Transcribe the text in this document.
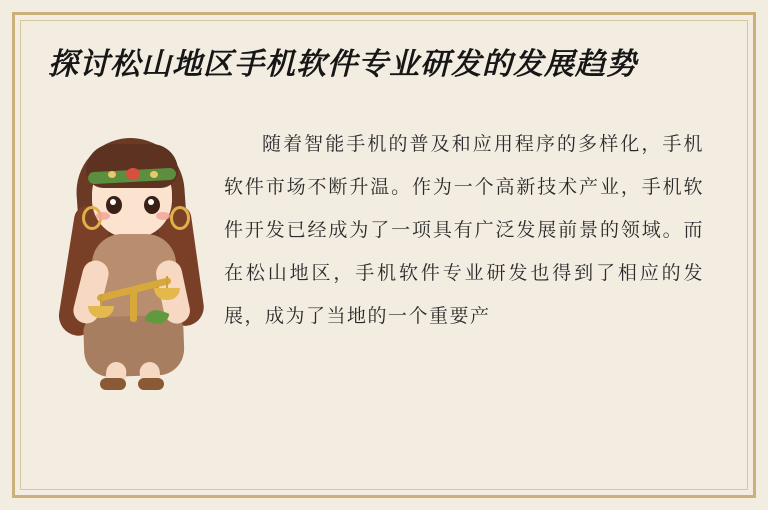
探讨松山地区手机软件专业研发的发展趋势

随着智能手机的普及和应用程序的多样化，手机软件市场不断升温。作为一个高新技术产业，手机软件开发已经成为了一项具有广泛发展前景的领域。而在松山地区，手机软件专业研发也得到了相应的发展，成为了当地的一个重要产
